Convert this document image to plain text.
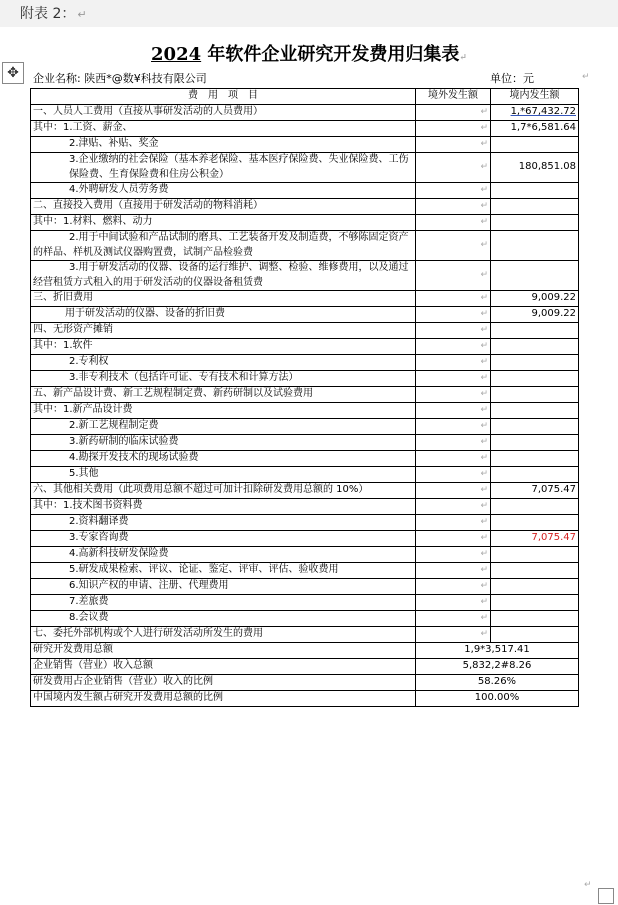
附表 2： ↵
2024 年软件企业研究开发费用归集表↵
✥	企业名称: 陕西*@数¥科技有限公司	单位：元	↵
费　用　项　目	境外发生额	境内发生额
一、人员人工费用（直接从事研发活动的人员费用）	↵	1,*67,432.72
其中：1.工资、薪金、	↵	1,7*6,581.64
2.津贴、补贴、奖金	↵	
3.企业缴纳的社会保险（基本养老保险、基本医疗保险费、失业保险费、工伤保险费、生育保险费和住房公积金）	↵	180,851.08
4.外聘研发人员劳务费	↵	
二、直接投入费用（直接用于研发活动的物料消耗）	↵	
其中：1.材料、燃料、动力	↵	
2.用于中间试验和产品试制的磨具、工艺装备开发及制造费，不够陈固定资产的样品、样机及测试仪器购置费，试制产品检验费	↵	
3.用于研发活动的仪器、设备的运行维护、调整、检验、维修费用，以及通过经营租赁方式租入的用于研发活动的仪器设备租赁费	↵	
三、折旧费用	↵	9,009.22
用于研发活动的仪器、设备的折旧费	↵	9,009.22
四、无形资产摊销	↵	
其中：1.软件	↵	
2.专利权	↵	
3.非专利技术（包括许可证、专有技术和计算方法）	↵	
五、新产品设计费、新工艺规程制定费、新药研制以及试验费用	↵	
其中：1.新产品设计费	↵	
2.新工艺规程制定费	↵	
3.新药研制的临床试验费	↵	
4.勘探开发技术的现场试验费	↵	
5.其他	↵	
六、其他相关费用（此项费用总额不超过可加计扣除研发费用总额的 10%）	↵	7,075.47
其中：1.技术图书资料费	↵	
2.资料翻译费	↵	
3.专家咨询费	↵	7,075.47
4.高新科技研发保险费	↵	
5.研发成果检索、评议、论证、鉴定、评审、评估、验收费用	↵	
6.知识产权的申请、注册、代理费用	↵	
7.差旅费	↵	
8.会议费	↵	
七、委托外部机构或个人进行研发活动所发生的费用	↵	
研究开发费用总额	1,9*3,517.41	
企业销售（营业）收入总额	5,832,2#8.26	
研发费用占企业销售（营业）收入的比例	58.26%	
中国境内发生额占研究开发费用总额的比例	100.00%	
↵
